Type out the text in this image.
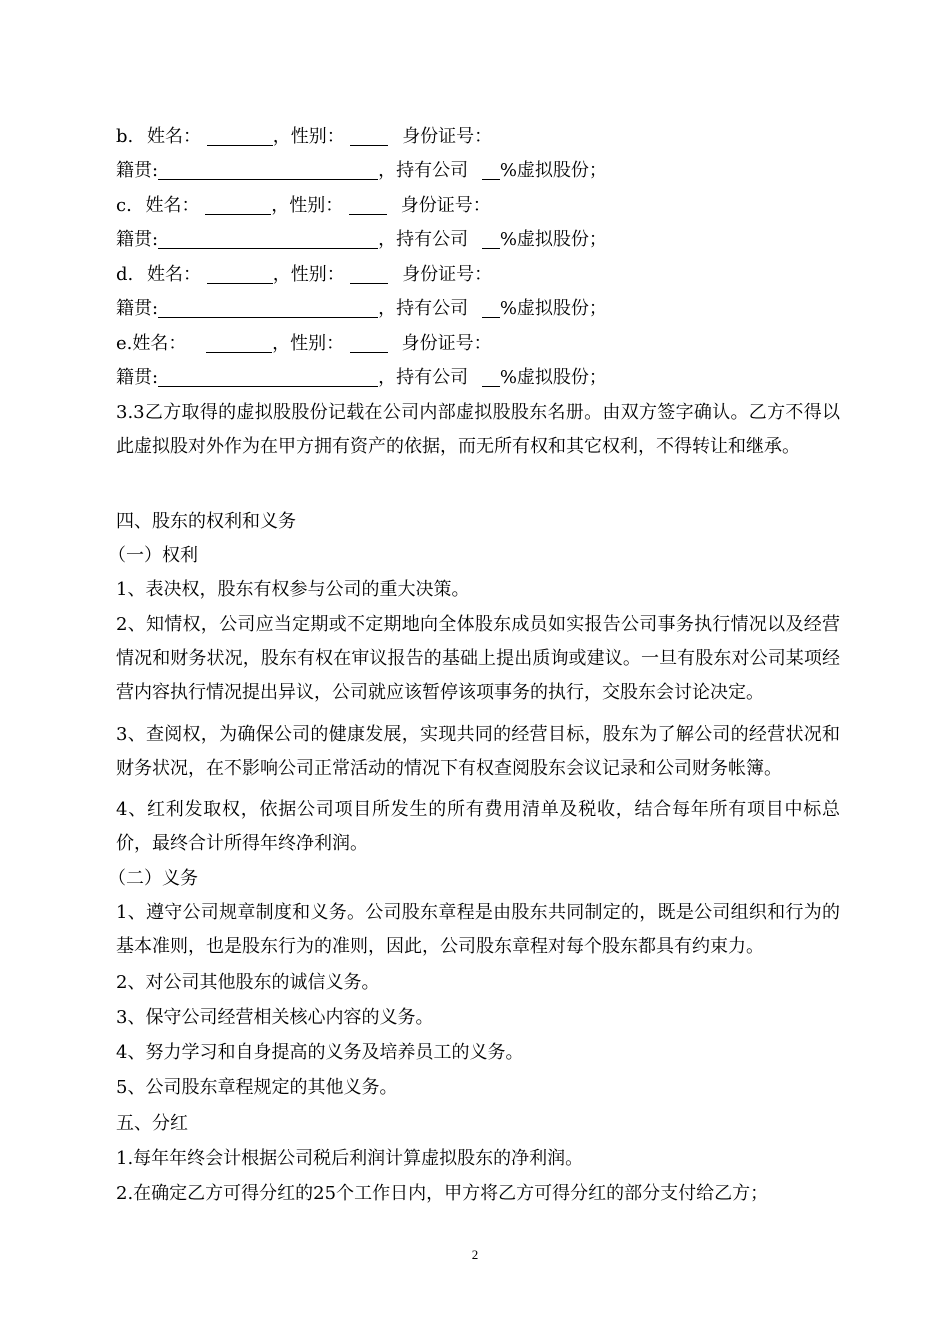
b. 姓名：	，性别：	身份证号：
籍贯:	，持有公司 %虚拟股份；
c. 姓名：	，性别：	身份证号：
籍贯:	，持有公司 %虚拟股份；
d. 姓名：	，性别：	身份证号：
籍贯:	，持有公司 %虚拟股份；
e.姓名：	，性别：	身份证号：
籍贯:	，持有公司 %虚拟股份；
3.3乙方取得的虚拟股股份记载在公司内部虚拟股股东名册。由双方签字确认。乙方不得以此虚拟股对外作为在甲方拥有资产的依据，而无所有权和其它权利，不得转让和继承。
四、股东的权利和义务
（一）权利
1、表决权，股东有权参与公司的重大决策。
2、知情权，公司应当定期或不定期地向全体股东成员如实报告公司事务执行情况以及经营情况和财务状况，股东有权在审议报告的基础上提出质询或建议。一旦有股东对公司某项经营内容执行情况提出异议，公司就应该暂停该项事务的执行，交股东会讨论决定。
3、查阅权，为确保公司的健康发展，实现共同的经营目标，股东为了解公司的经营状况和财务状况，在不影响公司正常活动的情况下有权查阅股东会议记录和公司财务帐簿。
4、红利发取权，依据公司项目所发生的所有费用清单及税收，结合每年所有项目中标总价，最终合计所得年终净利润。
（二）义务
1、遵守公司规章制度和义务。公司股东章程是由股东共同制定的，既是公司组织和行为的基本准则，也是股东行为的准则，因此，公司股东章程对每个股东都具有约束力。
2、对公司其他股东的诚信义务。
3、保守公司经营相关核心内容的义务。
4、努力学习和自身提高的义务及培养员工的义务。
5、公司股东章程规定的其他义务。
五、分红
1.每年年终会计根据公司税后利润计算虚拟股东的净利润。
2.在确定乙方可得分红的25个工作日内，甲方将乙方可得分红的部分支付给乙方；
2
